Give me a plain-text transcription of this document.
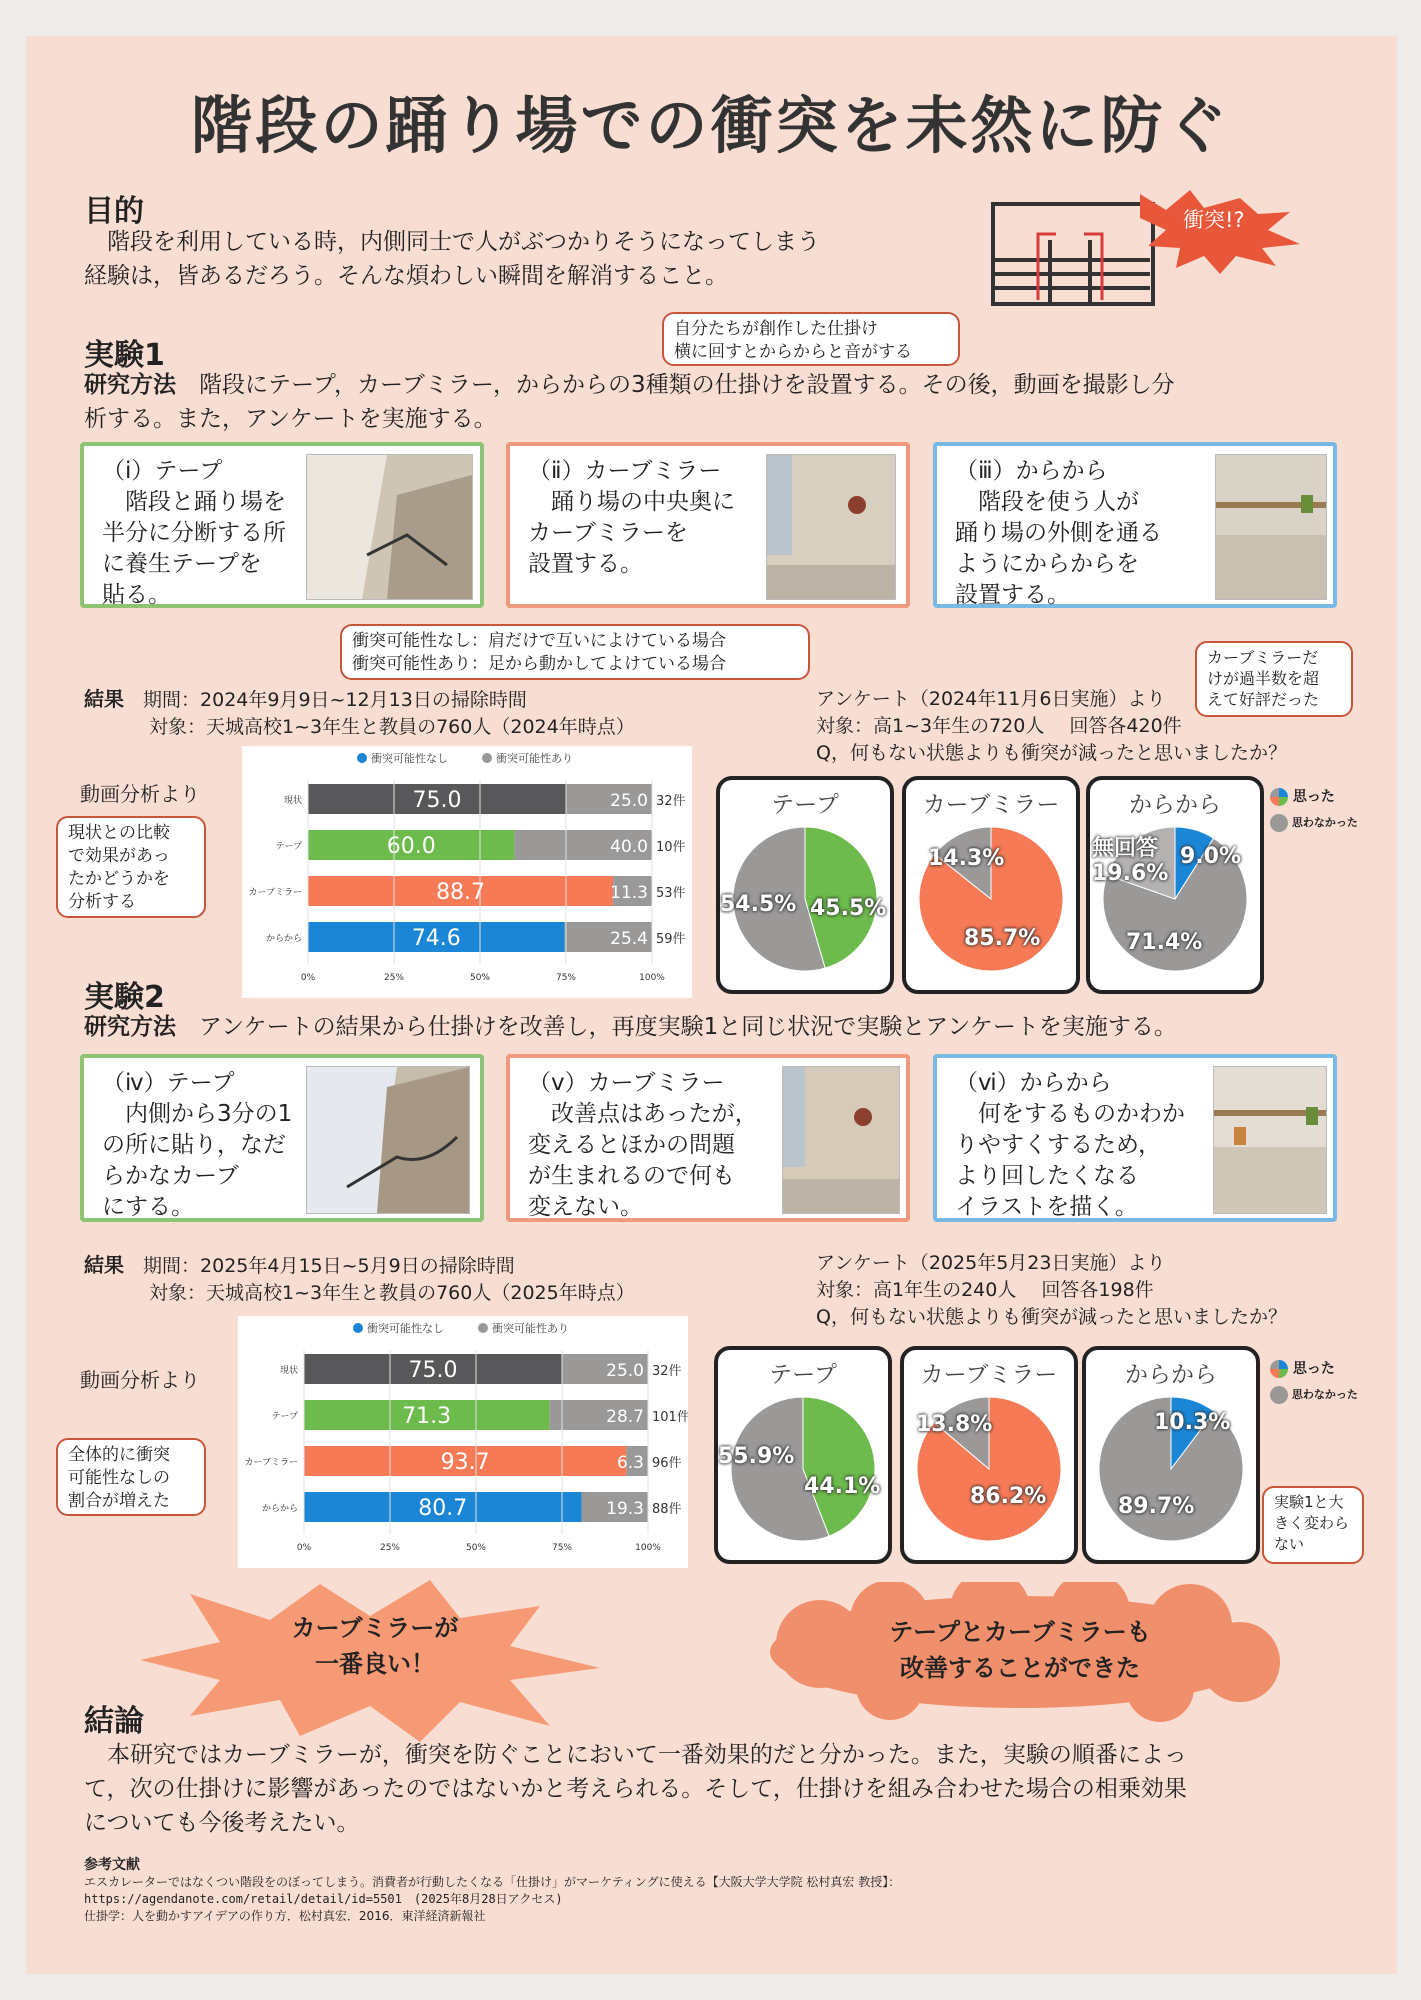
階段の踊り場での衝突を未然に防ぐ
目的
　階段を利用している時，内側同士で人がぶつかりそうになってしまう
経験は，皆あるだろう。そんな煩わしい瞬間を解消すること。
衝突!?
実験1
自分たちが創作した仕掛け
横に回すとからからと音がする
研究方法　階段にテープ，カーブミラー，からからの3種類の仕掛けを設置する。その後，動画を撮影し分
析する。また，アンケートを実施する。
（ⅰ）テープ
　階段と踊り場を
半分に分断する所
に養生テープを
貼る。
（ⅱ）カーブミラー
　踊り場の中央奥に
カーブミラーを
設置する。
（ⅲ）からから
　階段を使う人が
踊り場の外側を通る
ようにからからを
設置する。
衝突可能性なし：肩だけで互いによけている場合
衝突可能性あり：足から動かしてよけている場合
結果　 期間：2024年9月9日~12月13日の掃除時間
対象：天城高校1~3年生と教員の760人（2024年時点）
動画分析より
現状との比較
で効果があっ
たかどうかを
分析する
衝突可能性なし	衝突可能性あり
現状	75.0	25.0 32件
テープ	60.0	40.0 10件
カーブミラー	88.7	11.3 53件
からから	74.6	25.4 59件
0%	25%	50%	75%	100%
アンケート（2024年11月6日実施）より
対象：高1~3年生の720人　 回答各420件
Q，何もない状態よりも衝突が減ったと思いましたか？
カーブミラーだ
けが過半数を超
えて好評だった
テープ
54.5% 45.5%
カーブミラー
14.3%
85.7%
からから
無回答
19.6%
9.0%
71.4%
思った
思わなかった
実験2
研究方法　アンケートの結果から仕掛けを改善し，再度実験1と同じ状況で実験とアンケートを実施する。
（ⅳ）テープ
　内側から3分の1
の所に貼り，なだ
らかなカーブ
にする。
（ⅴ）カーブミラー
　改善点はあったが，
変えるとほかの問題
が生まれるので何も
変えない。
（ⅵ）からから
　何をするものかわか
りやすくするため，
より回したくなる
イラストを描く。
結果　 期間：2025年4月15日~5月9日の掃除時間
対象：天城高校1~3年生と教員の760人（2025年時点）
動画分析より
全体的に衝突
可能性なしの
割合が増えた
衝突可能性なし	衝突可能性あり
現状	75.0	25.0 32件
テープ	71.3	28.7 101件
カーブミラー	93.7	6.3 96件
からから	80.7	19.3 88件
0%	25%	50%	75%	100%
アンケート（2025年5月23日実施）より
対象：高1年生の240人　 回答各198件
Q，何もない状態よりも衝突が減ったと思いましたか？
テープ
55.9%
44.1%
カーブミラー
13.8%
86.2%
からから
10.3%
89.7%
思った
思わなかった
実験1と大
きく変わら
ない
カーブミラーが
一番良い！
テープとカーブミラーも
改善することができた
結論
　本研究ではカーブミラーが，衝突を防ぐことにおいて一番効果的だと分かった。また，実験の順番によっ
て，次の仕掛けに影響があったのではないかと考えられる。そして，仕掛けを組み合わせた場合の相乗効果
についても今後考えたい。
参考文献
エスカレーターではなくつい階段をのぼってしまう。消費者が行動したくなる「仕掛け」がマーケティングに使える【大阪大学大学院 松村真宏 教授】：
https://agendanote.com/retail/detail/id=5501　(2025年8月28日アクセス)
仕掛学：人を動かすアイデアの作り方．松村真宏．2016．東洋経済新報社
